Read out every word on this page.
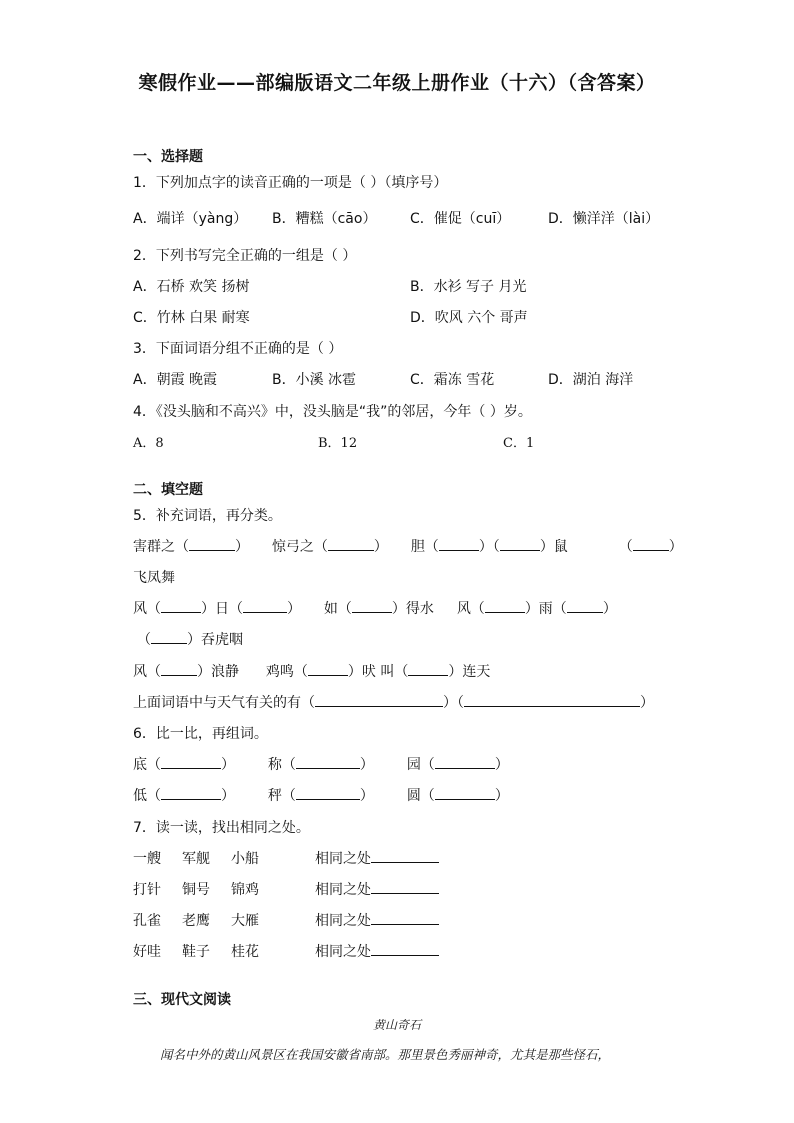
寒假作业——部编版语文二年级上册作业（十六）（含答案）
一、选择题
1．下列加点字的读音正确的一项是（ ）（填序号）
A．端详（yàng） B．糟糕（cāo） C．催促（cuī）	D．懒洋洋（lài）
2．下列书写完全正确的一组是（ ）
A．石桥 欢笑 扬树	B．水衫 写子 月光
C．竹林 白果 耐寒	D．吹风 六个 哥声
3．下面词语分组不正确的是（ ）
A．朝霞 晚霞	B．小溪 冰雹	C．霜冻 雪花	D．湖泊 海洋
4．《没头脑和不高兴》中，没头脑是“我”的邻居，今年（ ）岁。
A．8	B．12	C．1
二、填空题
5．补充词语，再分类。
害群之（	） 惊弓之（	） 胆（	）（	）鼠	（	）
飞凤舞
风（	）日（	） 如（	）得水 风（	）雨（	）
（	）吞虎咽
风（	）浪静 鸡鸣（	）吠 叫（	）连天
上面词语中与天气有关的有（	）（	）
6．比一比，再组词。
底（	） 称（	） 园（	）
低（	） 秤（	） 圆（	）
7．读一读，找出相同之处。
一艘 军舰 小船	相同之处
打针 铜号 锦鸡	相同之处
孔雀 老鹰 大雁	相同之处
好哇 鞋子 桂花	相同之处
三、现代文阅读
黄山奇石
闻名中外的黄山风景区在我国安徽省南部。那里景色秀丽神奇，尤其是那些怪石，
